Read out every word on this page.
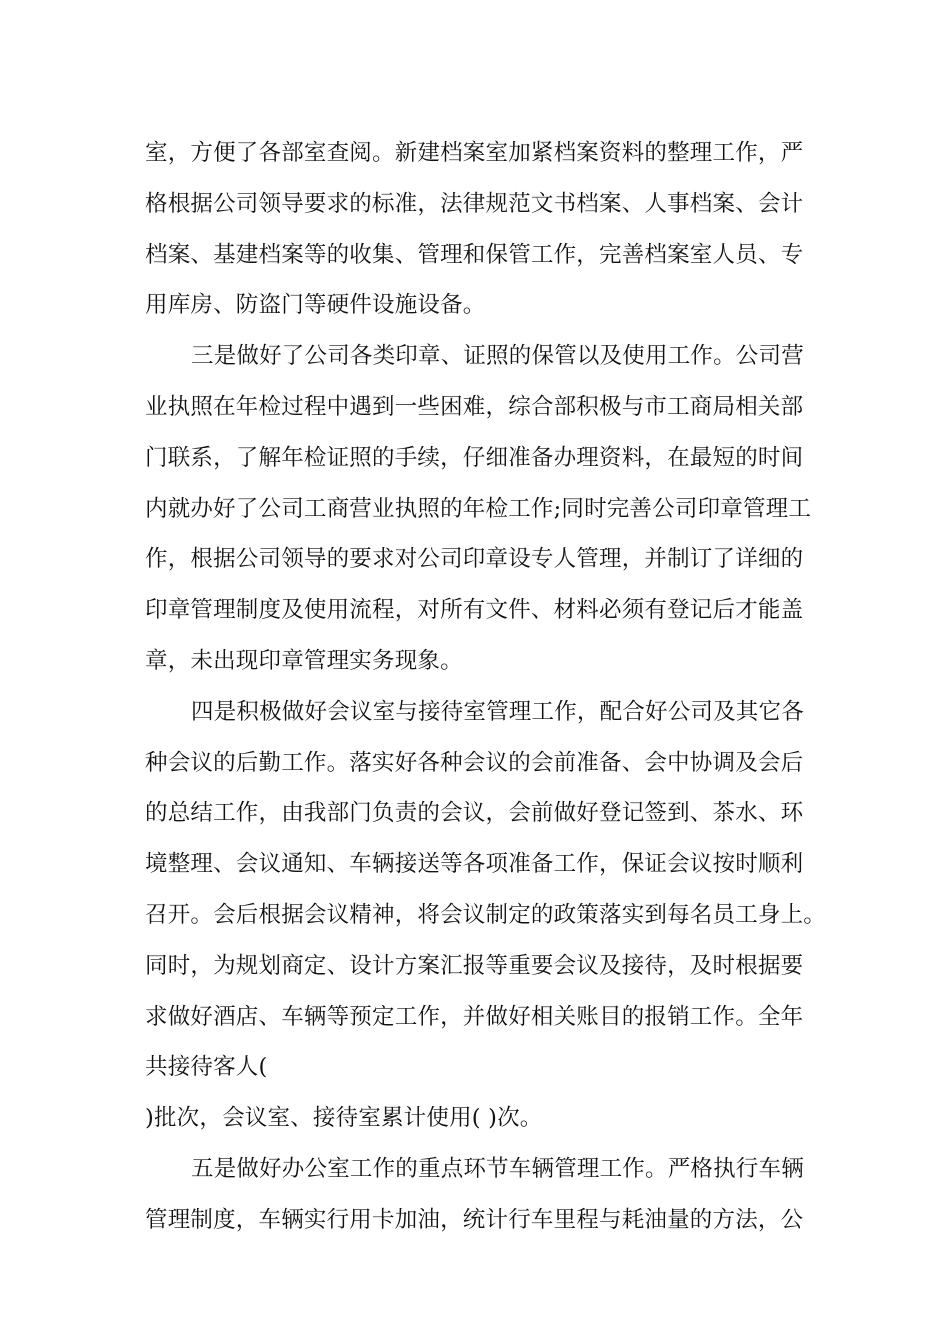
室，方便了各部室查阅。新建档案室加紧档案资料的整理工作，严
格根据公司领导要求的标准，法律规范文书档案、人事档案、会计
档案、基建档案等的收集、管理和保管工作，完善档案室人员、专
用库房、防盗门等硬件设施设备。
三是做好了公司各类印章、证照的保管以及使用工作。公司营
业执照在年检过程中遇到一些困难，综合部积极与市工商局相关部
门联系，了解年检证照的手续，仔细准备办理资料，在最短的时间
内就办好了公司工商营业执照的年检工作;同时完善公司印章管理工
作，根据公司领导的要求对公司印章设专人管理，并制订了详细的
印章管理制度及使用流程，对所有文件、材料必须有登记后才能盖
章，未出现印章管理实务现象。
四是积极做好会议室与接待室管理工作，配合好公司及其它各
种会议的后勤工作。落实好各种会议的会前准备、会中协调及会后
的总结工作，由我部门负责的会议，会前做好登记签到、茶水、环
境整理、会议通知、车辆接送等各项准备工作，保证会议按时顺利
召开。会后根据会议精神，将会议制定的政策落实到每名员工身上。
同时，为规划商定、设计方案汇报等重要会议及接待，及时根据要
求做好酒店、车辆等预定工作，并做好相关账目的报销工作。全年
共接待客人(
)批次，会议室、接待室累计使用( )次。
五是做好办公室工作的重点环节车辆管理工作。严格执行车辆
管理制度，车辆实行用卡加油，统计行车里程与耗油量的方法，公
